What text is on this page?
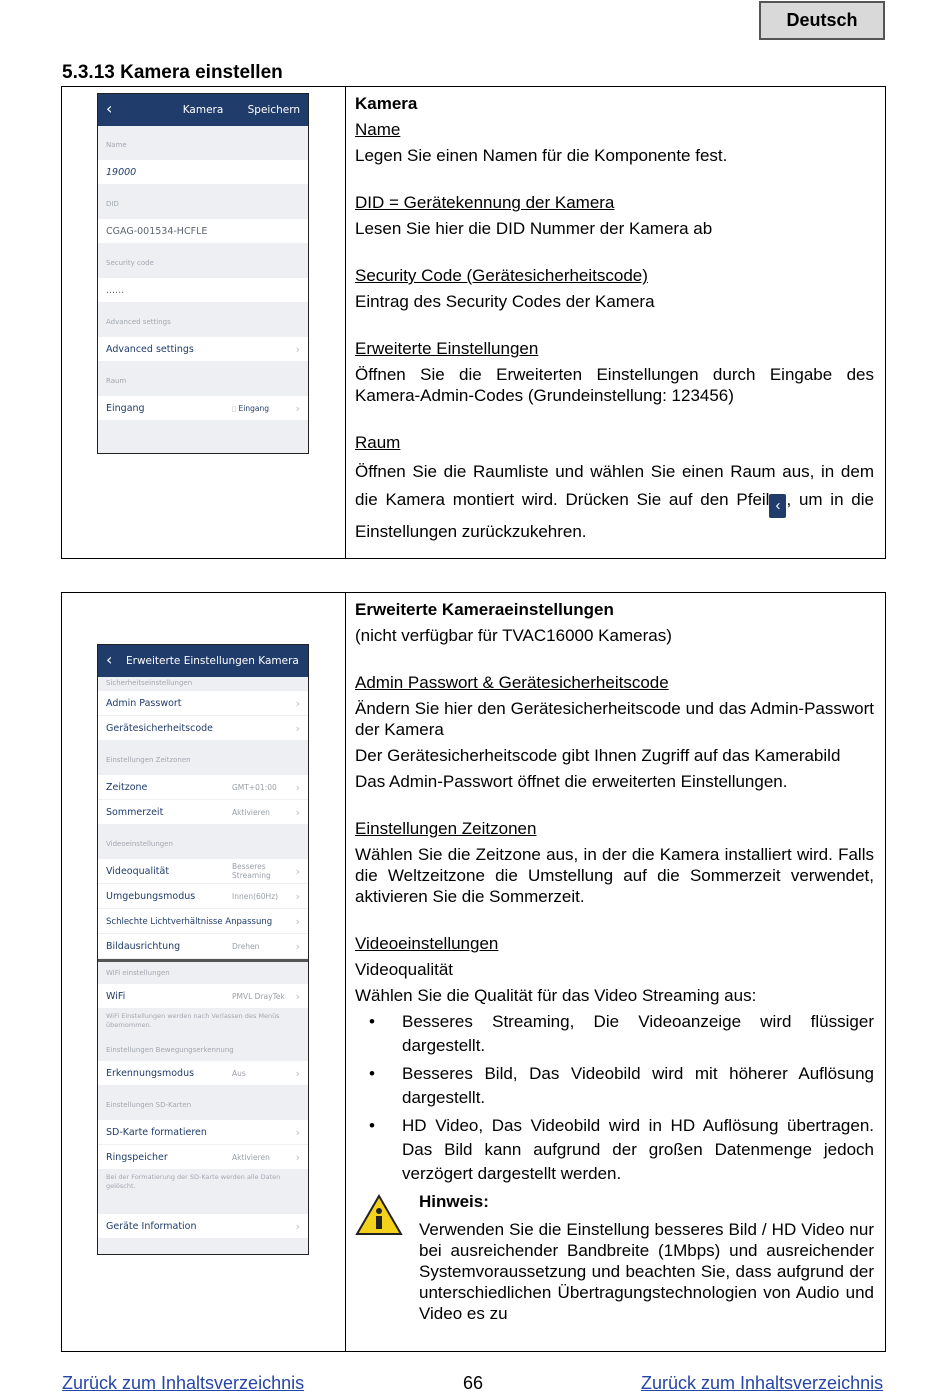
Deutsch
5.3.13 Kamera einstellen
‹	Kamera	Speichern
Name
19000
DID
CGAG-001534-HCFLE
Security code
......
Advanced settings
Advanced settings	›
Raum
Eingang	▯ Eingang ›

Kamera

Name

Legen Sie einen Namen für die Komponente fest.

DID = Gerätekennung der Kamera

Lesen Sie hier die DID Nummer der Kamera ab

Security Code (Gerätesicherheitscode)

Eintrag des Security Codes der Kamera

Erweiterte Einstellungen

Öffnen Sie die Erweiterten Einstellungen durch Eingabe des Kamera-Admin-Codes (Grundeinstellung: 123456)

Raum

Öffnen Sie die Raumliste und wählen Sie einen Raum aus, in dem die Kamera montiert wird. Drücken Sie auf den Pfeil ‹ , um in die Einstellungen zurückzukehren.

‹ Erweiterte Einstellungen Kamera
Sicherheitseinstellungen
Admin Passwort	›
Gerätesicherheitscode	›
Einstellungen Zeitzonen
Zeitzone	GMT+01:00 ›
Sommerzeit	Aktivieren ›
Videoeinstellungen
Videoqualität	Besseres Streaming	›
Umgebungsmodus	Innen(60Hz) ›
Schlechte Lichtverhältnisse Anpassung ›
Bildausrichtung	Drehen	›
WiFi einstellungen
WiFi	PMVL DrayTek ›
WiFi Einstellungen werden nach Verlassen des Menüs übernommen.
Einstellungen Bewegungserkennung
Erkennungsmodus	Aus	›
Einstellungen SD-Karten
SD-Karte formatieren	›
Ringspeicher	Aktivieren ›
Bei der Formatierung der SD-Karte werden alle Daten gelöscht.
Geräte Information	›

Erweiterte Kameraeinstellungen

(nicht verfügbar für TVAC16000 Kameras)

Admin Passwort & Gerätesicherheitscode

Ändern Sie hier den Gerätesicherheitscode und das Admin-Passwort der Kamera

Der Gerätesicherheitscode gibt Ihnen Zugriff auf das Kamerabild

Das Admin-Passwort öffnet die erweiterten Einstellungen.

Einstellungen Zeitzonen

Wählen Sie die Zeitzone aus, in der die Kamera installiert wird. Falls die Weltzeitzone die Umstellung auf die Sommerzeit verwendet, aktivieren Sie die Sommerzeit.

Videoeinstellungen

Videoqualität

Wählen Sie die Qualität für das Video Streaming aus:

• Besseres Streaming, Die Videoanzeige wird flüssiger dargestellt.
• Besseres Bild, Das Videobild wird mit höherer Auflösung dargestellt.
• HD Video, Das Videobild wird in HD Auflösung übertragen. Das Bild kann aufgrund der großen Datenmenge jedoch verzögert dargestellt werden.

Hinweis:

Verwenden Sie die Einstellung besseres Bild / HD Video nur bei ausreichender Bandbreite (1Mbps) und ausreichender Systemvoraussetzung und beachten Sie, dass aufgrund der unterschiedlichen Übertragungstechnologien von Audio und Video es zu

Zurück zum Inhaltsverzeichnis	66	Zurück zum Inhaltsverzeichnis
